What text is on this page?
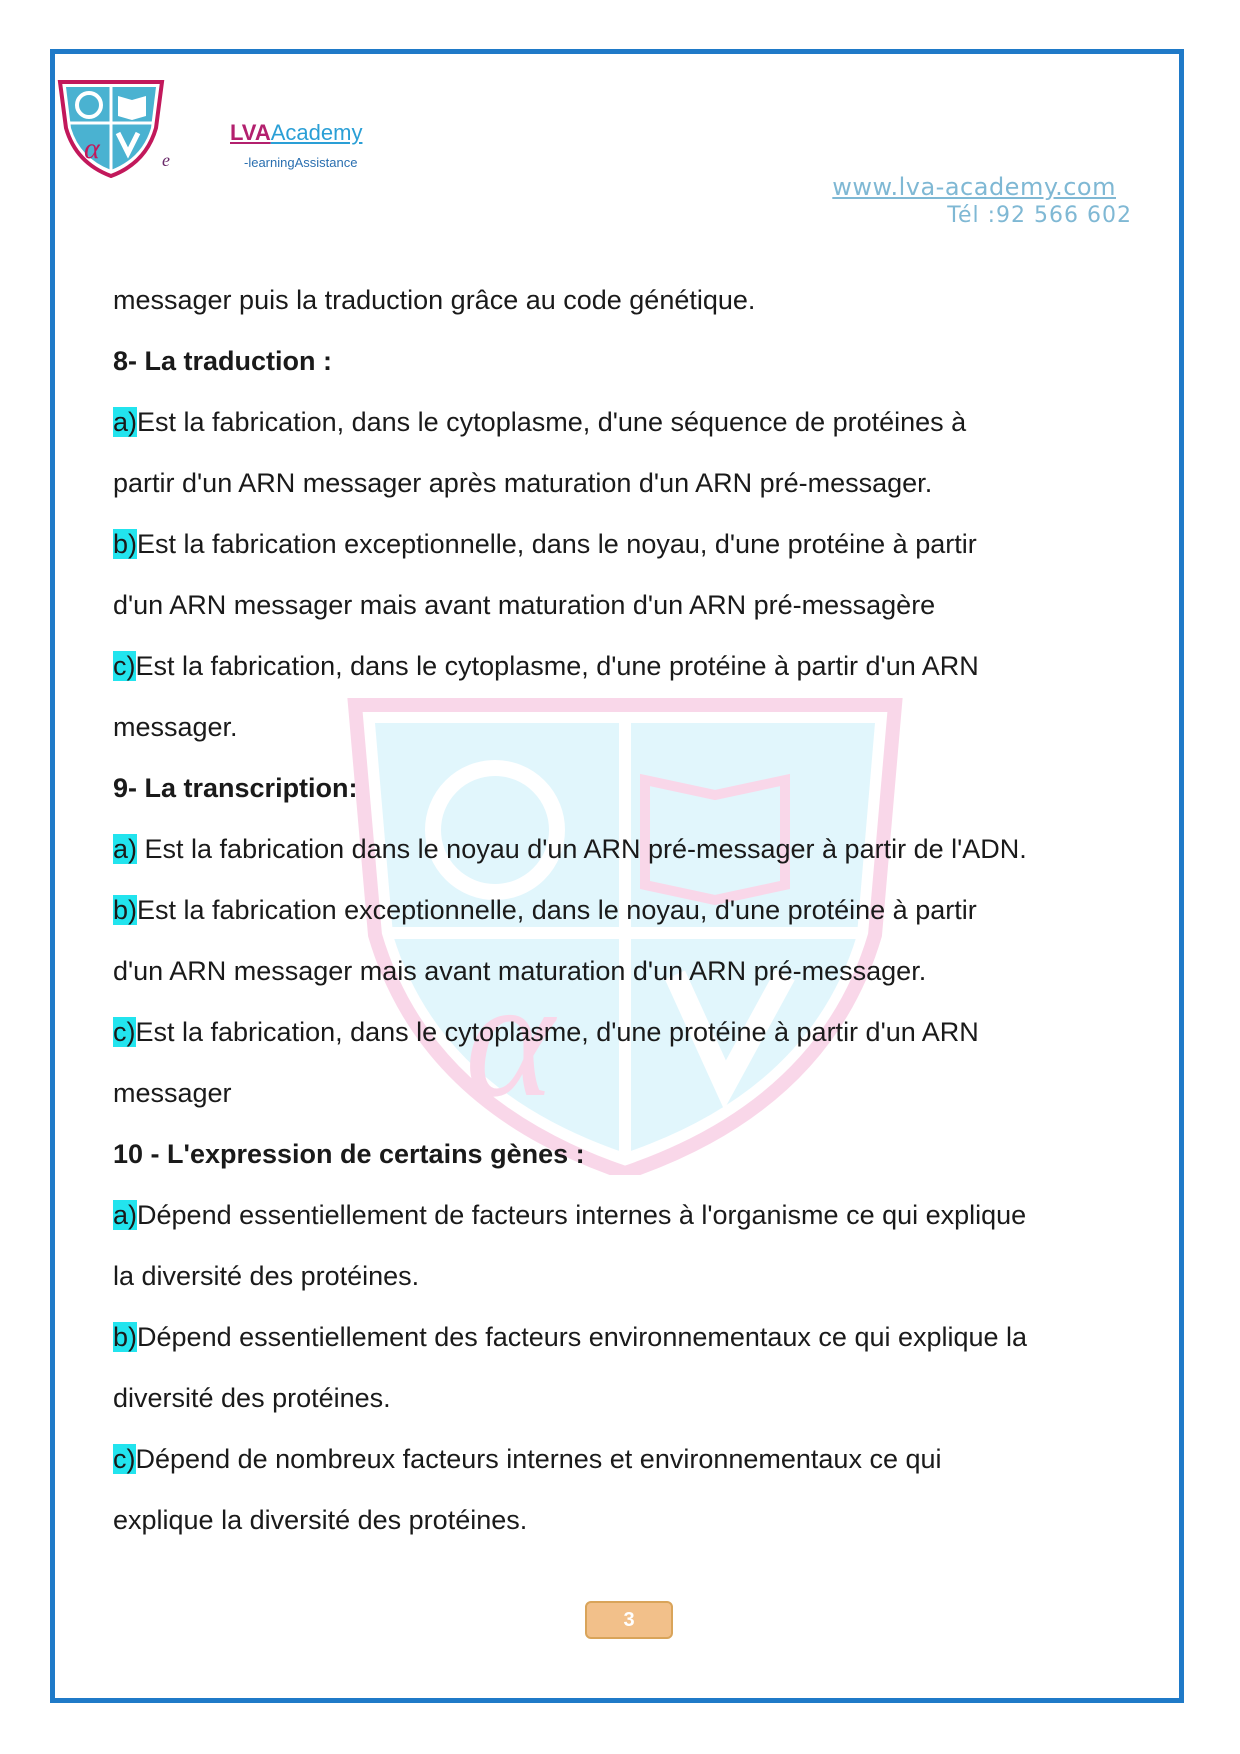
α	e
LVAAcademy
-learningAssistance
www.lva-academy.com
Tél :92 566 602
α
messager puis la traduction grâce au code génétique.
8- La traduction :
a)Est la fabrication, dans le cytoplasme, d'une séquence de protéines à
partir d'un ARN messager après maturation d'un ARN pré-messager.
b)Est la fabrication exceptionnelle, dans le noyau, d'une protéine à partir
d'un ARN messager mais avant maturation d'un ARN pré-messagère
c)Est la fabrication, dans le cytoplasme, d'une protéine à partir d'un ARN
messager.
9- La transcription:
a) Est la fabrication dans le noyau d'un ARN pré-messager à partir de l'ADN.
b)Est la fabrication exceptionnelle, dans le noyau, d'une protéine à partir
d'un ARN messager mais avant maturation d'un ARN pré-messager.
c)Est la fabrication, dans le cytoplasme, d'une protéine à partir d'un ARN
messager
10 - L'expression de certains gènes :
a)Dépend essentiellement de facteurs internes à l'organisme ce qui explique
la diversité des protéines.
b)Dépend essentiellement des facteurs environnementaux ce qui explique la
diversité des protéines.
c)Dépend de nombreux facteurs internes et environnementaux ce qui
explique la diversité des protéines.
3
